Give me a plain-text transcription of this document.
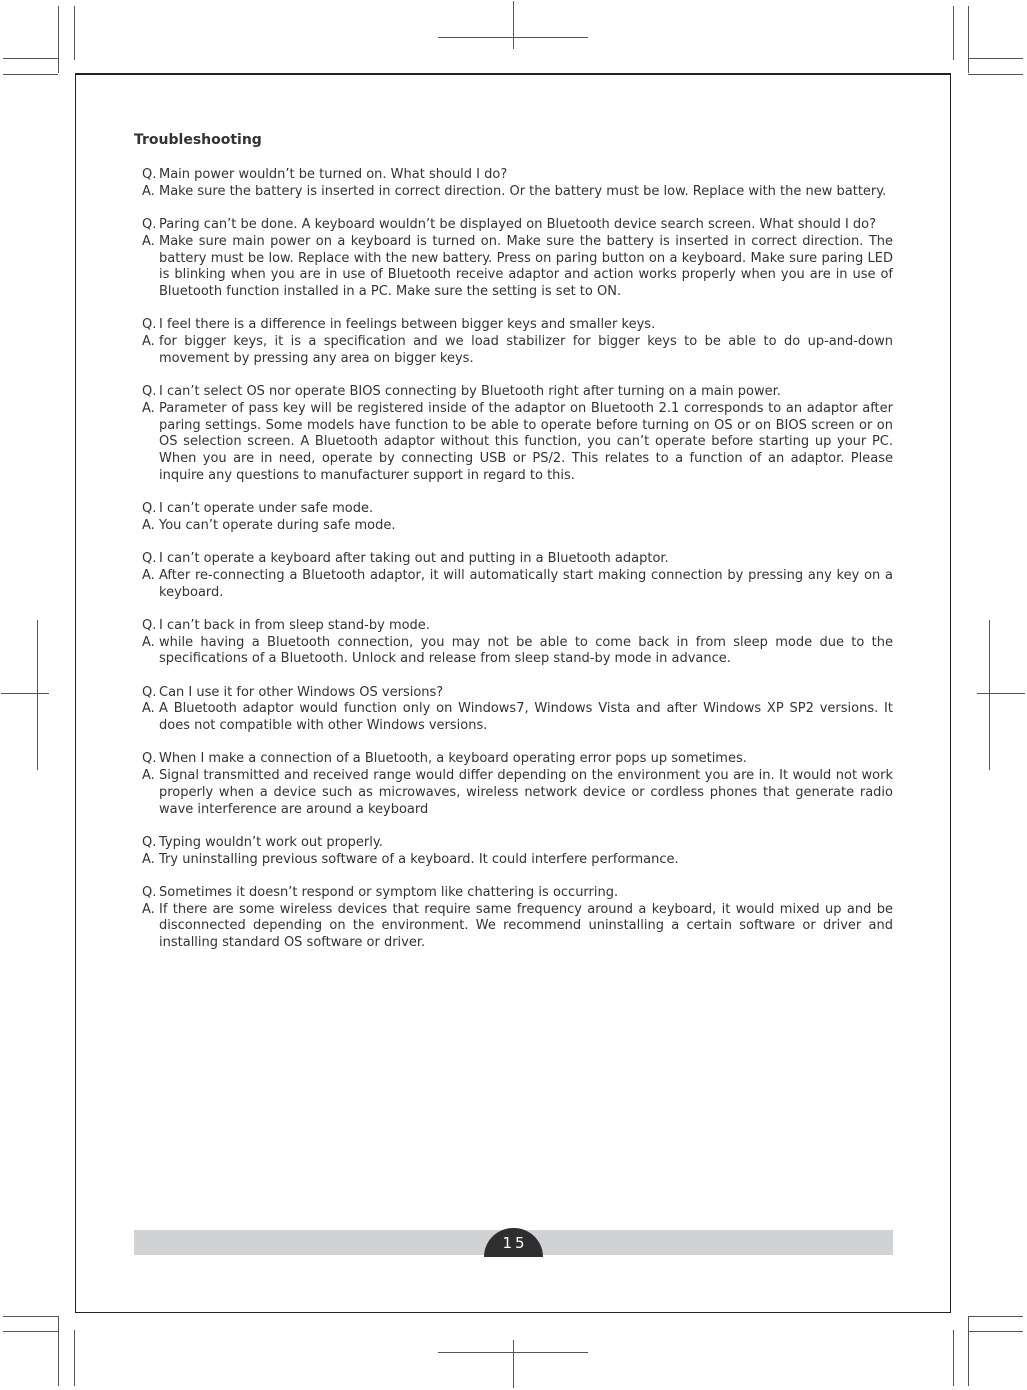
Troubleshooting
Q. Main power wouldn’t be turned on. What should I do?
A. Make sure the battery is inserted in correct direction. Or the battery must be low. Replace with the new battery.
Q. Paring can’t be done. A keyboard wouldn’t be displayed on Bluetooth device search screen. What should I do?
A. Make sure main power on a keyboard is turned on. Make sure the battery is inserted in correct direction. The battery must be low. Replace with the new battery. Press on paring button on a keyboard. Make sure paring LED is blinking when you are in use of Bluetooth receive adaptor and action works properly when you are in use of Bluetooth function installed in a PC. Make sure the setting is set to ON.
Q. I feel there is a difference in feelings between bigger keys and smaller keys.
A. for bigger keys, it is a specification and we load stabilizer for bigger keys to be able to do up-and-down movement by pressing any area on bigger keys.
Q. I can’t select OS nor operate BIOS connecting by Bluetooth right after turning on a main power.
A. Parameter of pass key will be registered inside of the adaptor on Bluetooth 2.1 corresponds to an adaptor after paring settings. Some models have function to be able to operate before turning on OS or on BIOS screen or on OS selection screen. A Bluetooth adaptor without this function, you can’t operate before starting up your PC. When you are in need, operate by connecting USB or PS/2. This relates to a function of an adaptor. Please inquire any questions to manufacturer support in regard to this.
Q. I can’t operate under safe mode.
A. You can’t operate during safe mode.
Q. I can’t operate a keyboard after taking out and putting in a Bluetooth adaptor.
A. After re-connecting a Bluetooth adaptor, it will automatically start making connection by pressing any key on a keyboard.
Q. I can’t back in from sleep stand-by mode.
A. while having a Bluetooth connection, you may not be able to come back in from sleep mode due to the specifications of a Bluetooth. Unlock and release from sleep stand-by mode in advance.
Q. Can I use it for other Windows OS versions?
A. A Bluetooth adaptor would function only on Windows7, Windows Vista and after Windows XP SP2 versions. It does not compatible with other Windows versions.
Q. When I make a connection of a Bluetooth, a keyboard operating error pops up sometimes.
A. Signal transmitted and received range would differ depending on the environment you are in. It would not work properly when a device such as microwaves, wireless network device or cordless phones that generate radio wave interference are around a keyboard
Q. Typing wouldn’t work out properly.
A. Try uninstalling previous software of a keyboard. It could interfere performance.
Q. Sometimes it doesn’t respond or symptom like chattering is occurring.
A. If there are some wireless devices that require same frequency around a keyboard, it would mixed up and be disconnected depending on the environment. We recommend uninstalling a certain software or driver and installing standard OS software or driver.
15
